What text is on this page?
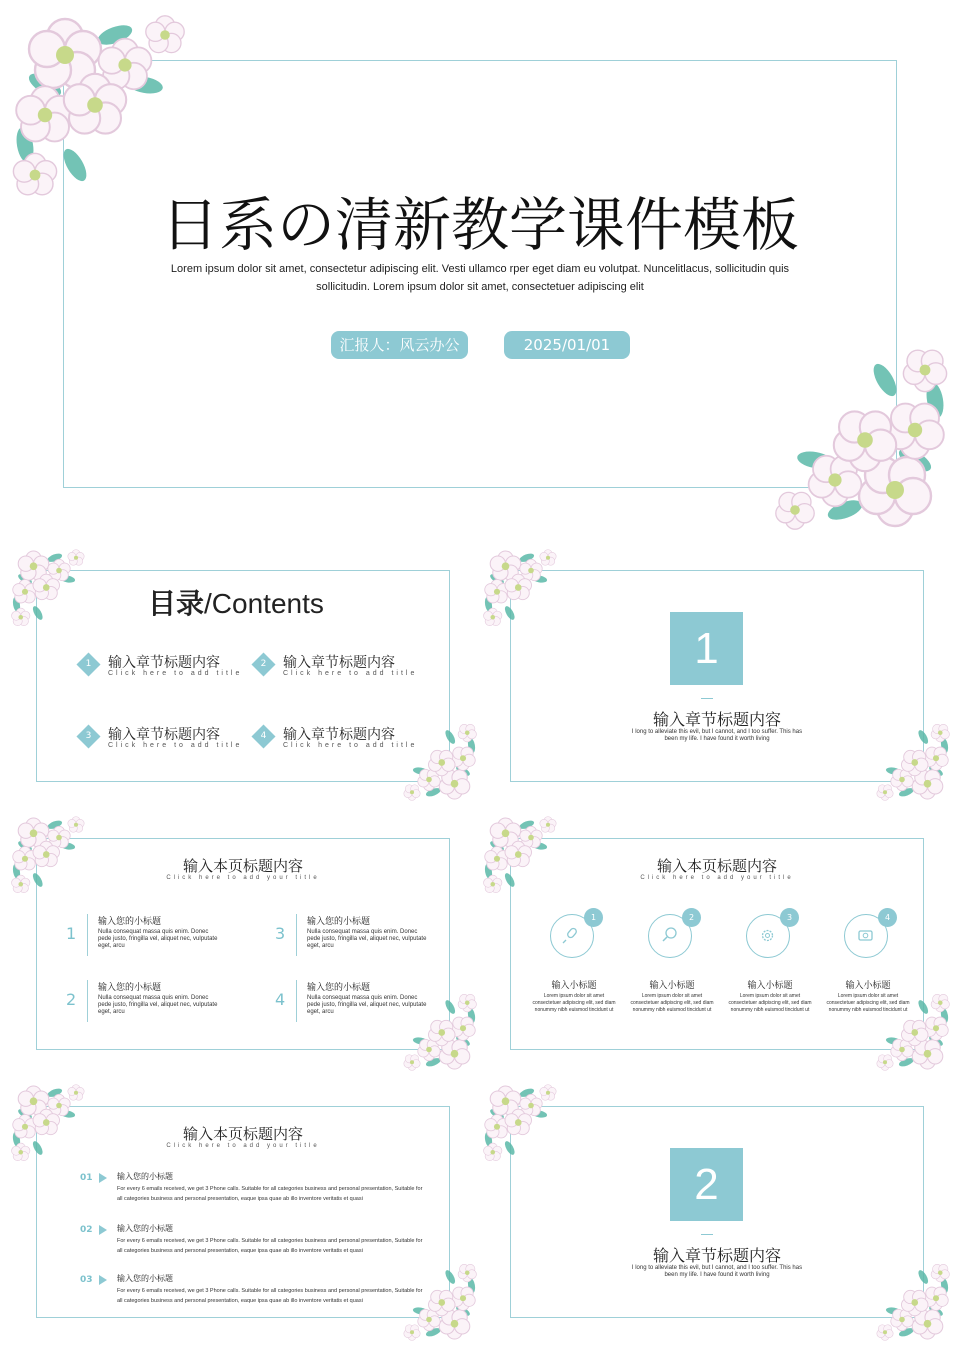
日系の清新教学课件模板
Lorem ipsum dolor sit amet, consectetur adipiscing elit. Vesti ullamco rper eget diam eu volutpat. Nuncelitlacus, sollicitudin quis
sollicitudin. Lorem ipsum dolor sit amet, consectetuer adipiscing elit
汇报人：风云办公	2025/01/01
目录/Contents
1	输入章节标题内容
Click here to add title
2	输入章节标题内容
Click here to add title
3	输入章节标题内容
Click here to add title
4	输入章节标题内容
Click here to add title
1
输入章节标题内容
I long to alleviate this evil, but I cannot, and I too suffer. This has
been my life. I have found it worth living
输入本页标题内容
Click here to add your title
1
输入您的小标题
Nulla consequat massa quis enim. Donec
pede justo, fringilla vel, aliquet nec, vulputate
eget, arcu
3
输入您的小标题
Nulla consequat massa quis enim. Donec
pede justo, fringilla vel, aliquet nec, vulputate
eget, arcu
2
输入您的小标题
Nulla consequat massa quis enim. Donec
pede justo, fringilla vel, aliquet nec, vulputate
eget, arcu
4
输入您的小标题
Nulla consequat massa quis enim. Donec
pede justo, fringilla vel, aliquet nec, vulputate
eget, arcu
输入本页标题内容
Click here to add your title
1
输入小标题
Lorem ipsum dolor sit amet
consectetuer adipiscing elit, sed diam
nonummy nibh euismod tincidunt ut
2
输入小标题
Lorem ipsum dolor sit amet
consectetuer adipiscing elit, sed diam
nonummy nibh euismod tincidunt ut
3
输入小标题
Lorem ipsum dolor sit amet
consectetuer adipiscing elit, sed diam
nonummy nibh euismod tincidunt ut
4
输入小标题
Lorem ipsum dolor sit amet
consectetuer adipiscing elit, sed diam
nonummy nibh euismod tincidunt ut
输入本页标题内容
Click here to add your title
01	输入您的小标题
For every 6 emails received, we get 3 Phone calls. Suitable for all categories business and personal presentation, Suitable for
all categories business and personal presentation, eaque ipsa quae ab illo inventore veritatis et quasi
02	输入您的小标题
For every 6 emails received, we get 3 Phone calls. Suitable for all categories business and personal presentation, Suitable for
all categories business and personal presentation, eaque ipsa quae ab illo inventore veritatis et quasi
03	输入您的小标题
For every 6 emails received, we get 3 Phone calls. Suitable for all categories business and personal presentation, Suitable for
all categories business and personal presentation, eaque ipsa quae ab illo inventore veritatis et quasi
2
输入章节标题内容
I long to alleviate this evil, but I cannot, and I too suffer. This has
been my life. I have found it worth living
